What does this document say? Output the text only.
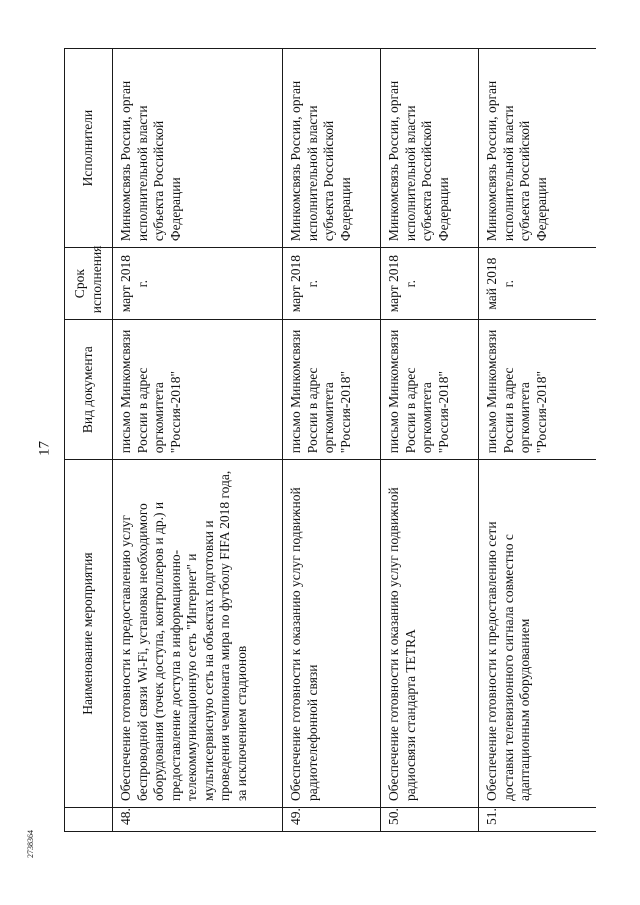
17
2738364
	Наименование мероприятия	Вид документа	Срок исполнения	Исполнители
48.	Обеспечение готовности к предоставлению услуг беспроводной связи Wi-Fi, установка необходимого оборудования (точек доступа, контроллеров и др.) и предоставление доступа в информационно-телекоммуникационную сеть "Интернет" и мультисервисную сеть на объектах подготовки и проведения чемпионата мира по футболу FIFA 2018 года, за исключением стадионов	письмо Минкомсвязи России в адрес оргкомитета "Россия-2018"	март 2018 г.	Минкомсвязь России, орган исполнительной власти субъекта Российской Федерации
49.	Обеспечение готовности к оказанию услуг подвижной радиотелефонной связи	письмо Минкомсвязи России в адрес оргкомитета "Россия-2018"	март 2018 г.	Минкомсвязь России, орган исполнительной власти субъекта Российской Федерации
50.	Обеспечение готовности к оказанию услуг подвижной радиосвязи стандарта TETRA	письмо Минкомсвязи России в адрес оргкомитета "Россия-2018"	март 2018 г.	Минкомсвязь России, орган исполнительной власти субъекта Российской Федерации
51.	Обеспечение готовности к предоставлению сети доставки телевизионного сигнала совместно с адаптационным оборудованием	письмо Минкомсвязи России в адрес оргкомитета "Россия-2018"	май 2018 г.	Минкомсвязь России, орган исполнительной власти субъекта Российской Федерации
